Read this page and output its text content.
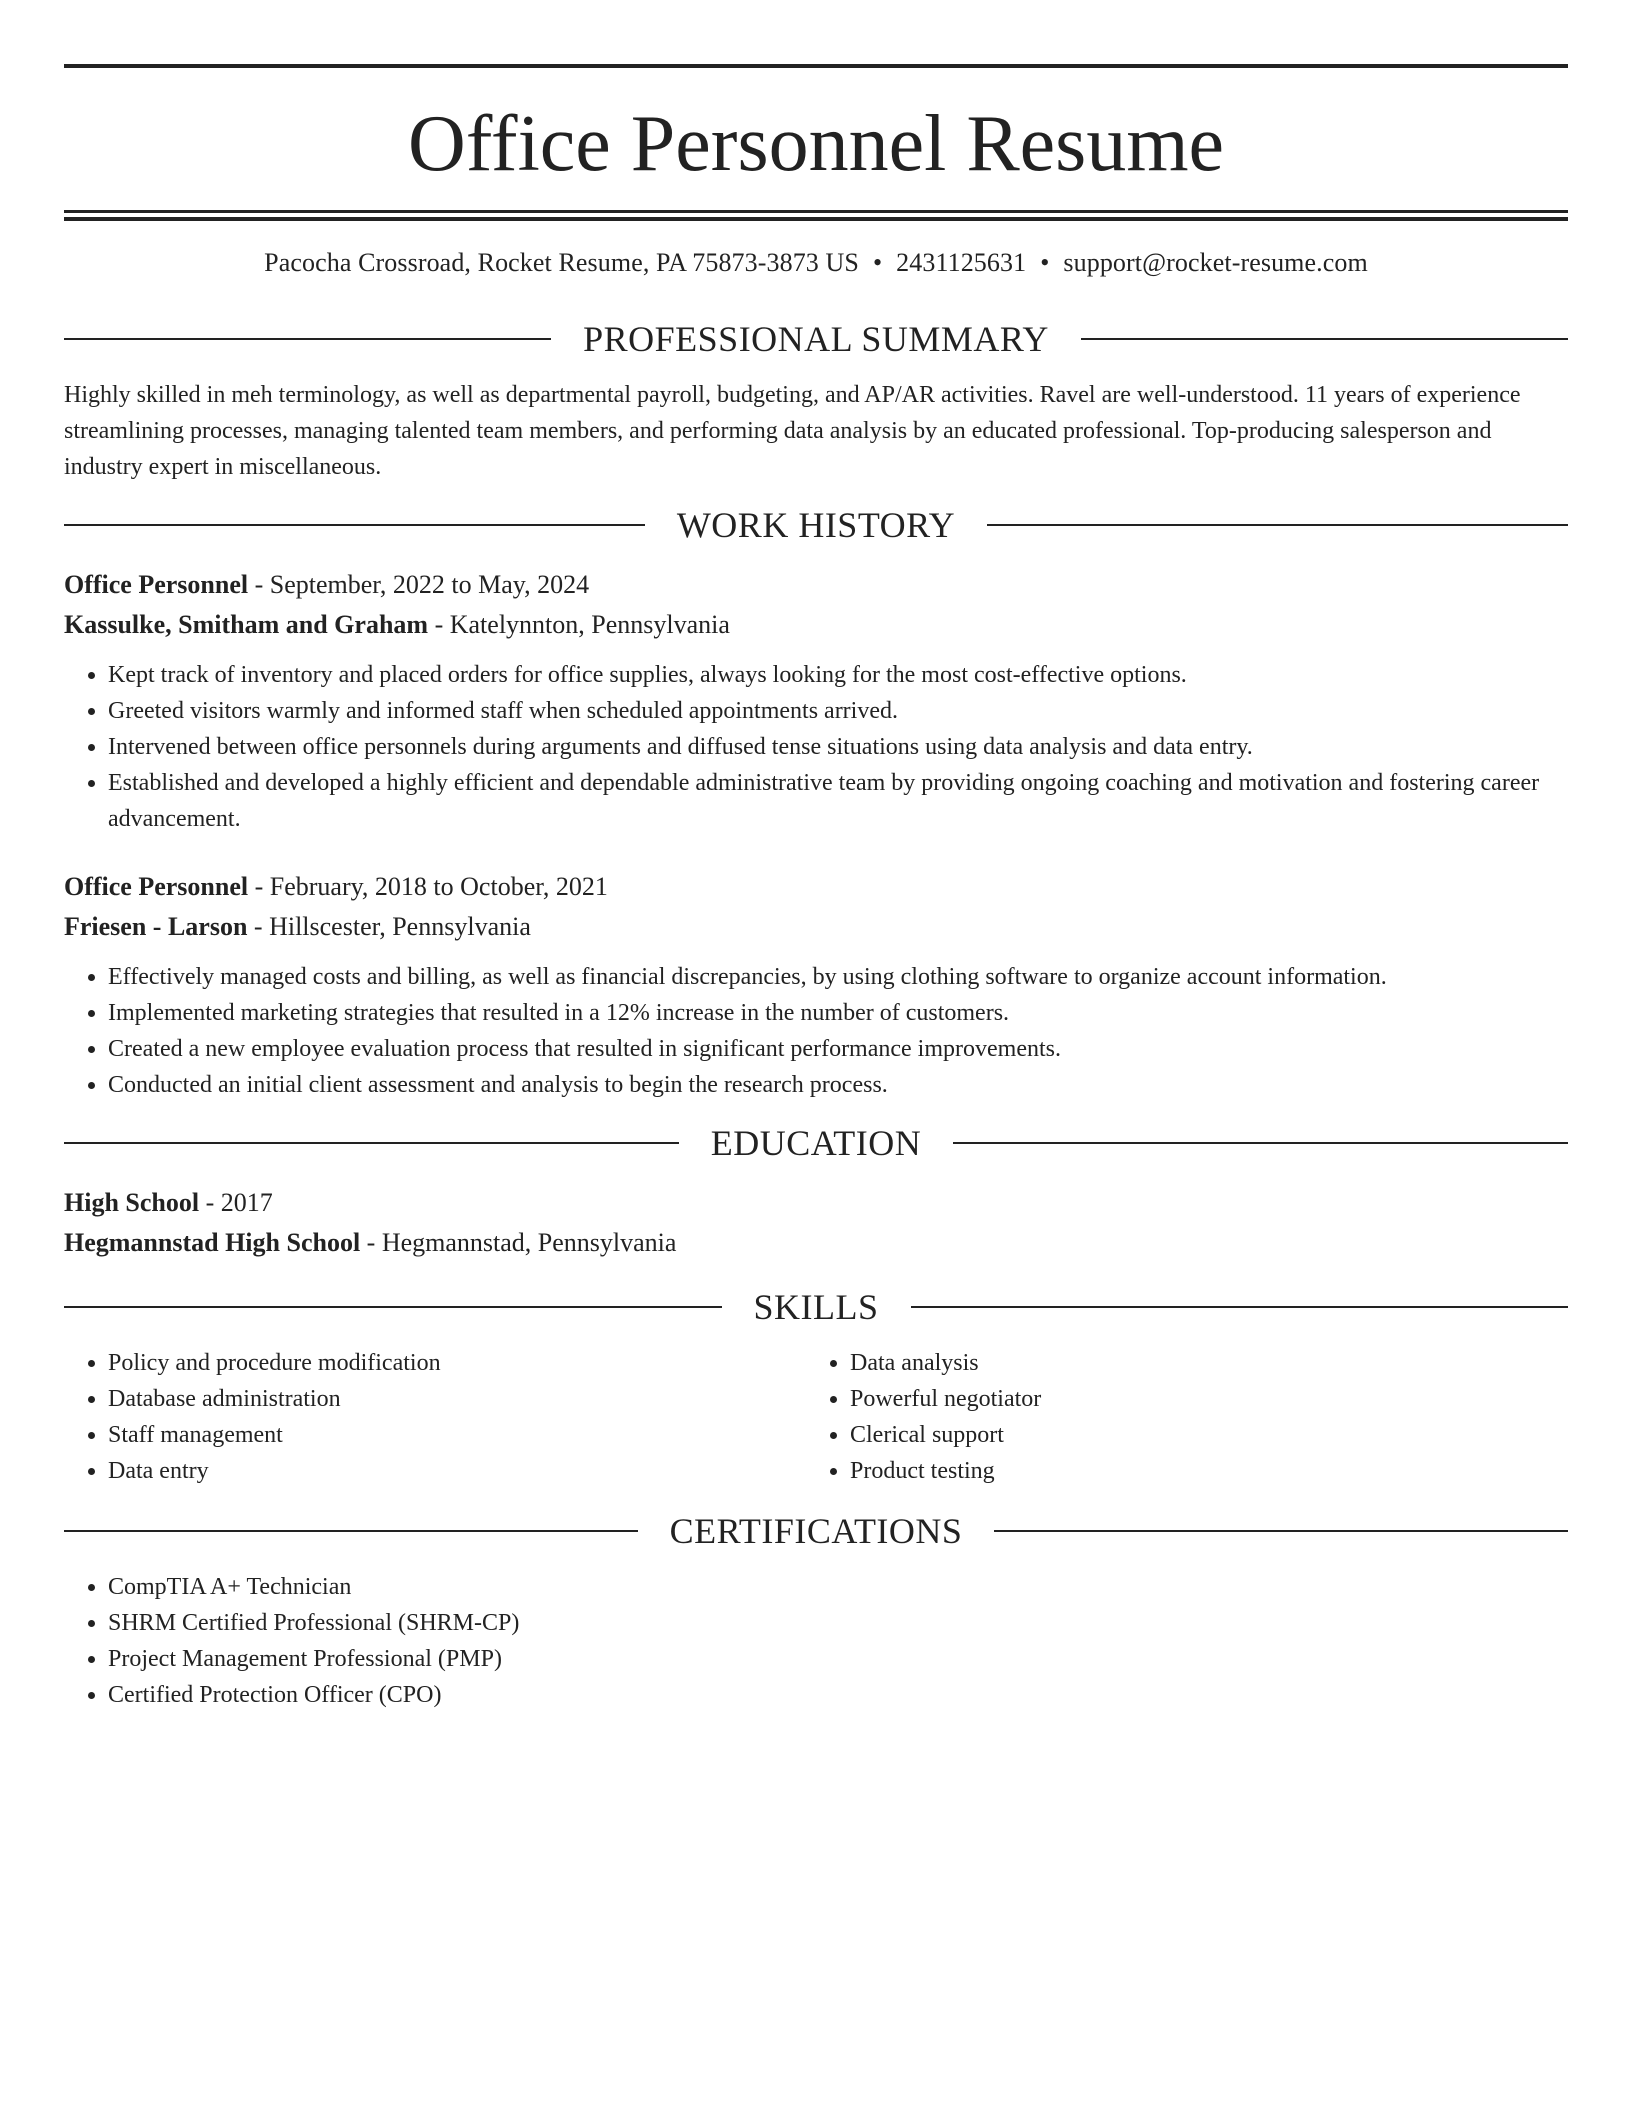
Office Personnel Resume
Pacocha Crossroad, Rocket Resume, PA 75873-3873 US • 2431125631 • support@rocket-resume.com
PROFESSIONAL SUMMARY

Highly skilled in meh terminology, as well as departmental payroll, budgeting, and AP/AR activities. Ravel are well-understood. 11 years of experience streamlining processes, managing talented team members, and performing data analysis by an educated professional. Top-producing salesperson and industry expert in miscellaneous.

WORK HISTORY
Office Personnel - September, 2022 to May, 2024
Kassulke, Smitham and Graham - Katelynnton, Pennsylvania
• Kept track of inventory and placed orders for office supplies, always looking for the most cost-effective options.
• Greeted visitors warmly and informed staff when scheduled appointments arrived.
• Intervened between office personnels during arguments and diffused tense situations using data analysis and data entry.
• Established and developed a highly efficient and dependable administrative team by providing ongoing coaching and motivation and fostering career advancement.
Office Personnel - February, 2018 to October, 2021
Friesen - Larson - Hillscester, Pennsylvania
• Effectively managed costs and billing, as well as financial discrepancies, by using clothing software to organize account information.
• Implemented marketing strategies that resulted in a 12% increase in the number of customers.
• Created a new employee evaluation process that resulted in significant performance improvements.
• Conducted an initial client assessment and analysis to begin the research process.
EDUCATION
High School - 2017
Hegmannstad High School - Hegmannstad, Pennsylvania
SKILLS
• Policy and procedure modification
• Database administration
• Staff management
• Data entry
• Data analysis
• Powerful negotiator
• Clerical support
• Product testing
CERTIFICATIONS
• CompTIA A+ Technician
• SHRM Certified Professional (SHRM-CP)
• Project Management Professional (PMP)
• Certified Protection Officer (CPO)
